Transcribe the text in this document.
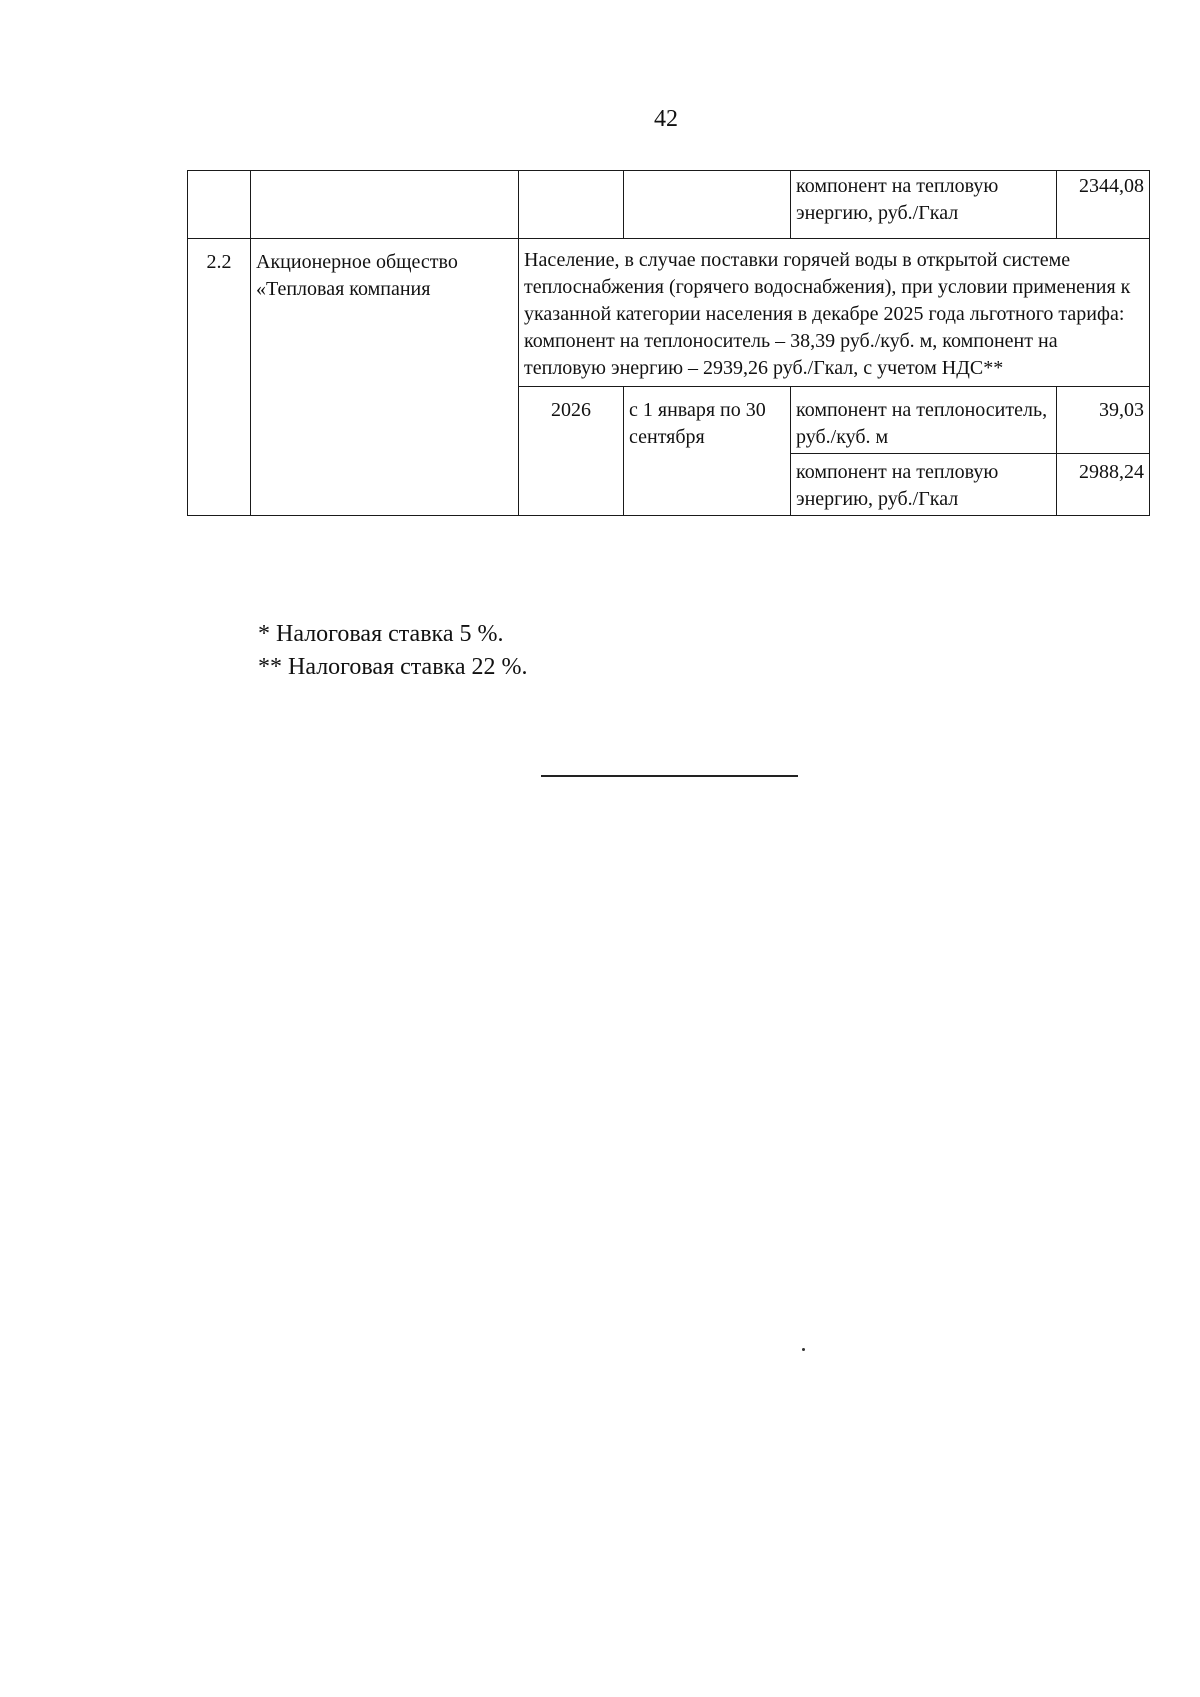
42
				компонент на тепловую энергию, руб./Гкал	2344,08
2.2	Акционерное общество «Тепловая компания	Население, в случае поставки горячей воды в открытой системе теплоснабжения (горячего водоснабжения), при условии применения к указанной категории населения в декабре 2025 года льготного тарифа: компонент на теплоноситель – 38,39 руб./куб. м, компонент на тепловую энергию – 2939,26 руб./Гкал, с учетом НДС**			
		2026	с 1 января по 30 сентября	компонент на теплоноситель, руб./куб. м	39,03
				компонент на тепловую энергию, руб./Гкал	2988,24
* Налоговая ставка 5 %.
** Налоговая ставка 22 %.
